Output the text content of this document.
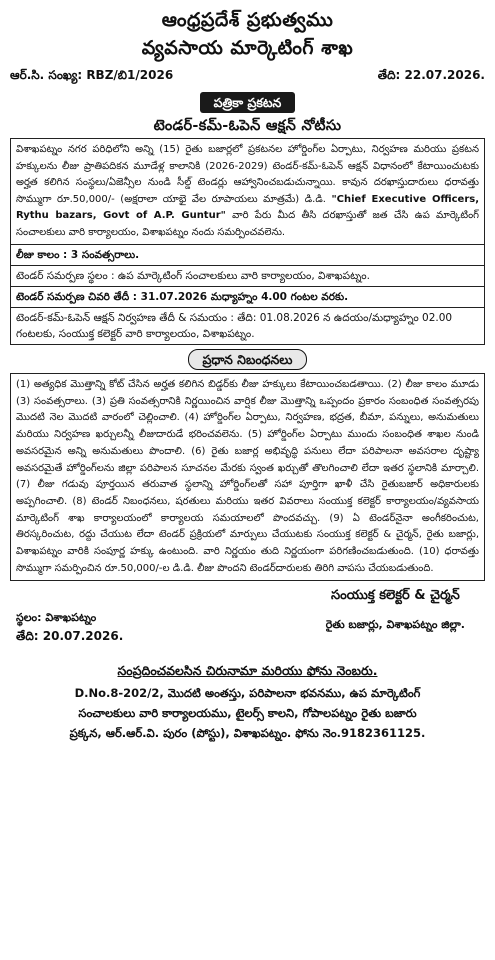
ఆంధ్రప్రదేశ్ ప్రభుత్వము
వ్యవసాయ మార్కెటింగ్ శాఖ
ఆర్.సి. సంఖ్య: RBZ/బి1/2026	తేది: 22.07.2026.
పత్రికా ప్రకటన
టెండర్-కమ్-ఓపెన్ ఆక్షన్ నోటీసు
విశాఖపట్నం నగర పరిధిలోని అన్ని (15) రైతు బజార్లలో ప్రకటనల హోర్డింగ్‌ల ఏర్పాటు, నిర్వహణ మరియు ప్రకటన హక్కులను లీజు ప్రాతిపదికన మూడేళ్ల కాలానికి (2026-2029) టెండర్-కమ్-ఓపెన్ ఆక్షన్ విధానంలో కేటాయించుటకు అర్హత కలిగిన సంస్థలు/ఏజెన్సీల నుండి సీల్డ్ టెండర్లు ఆహ్వానించబడుచున్నాయి. కావున దరఖాస్తుదారులు ధరావత్తు సొమ్ముగా రూ.50,000/- (అక్షరాలా యాభై వేల రూపాయలు మాత్రమే) డి.డి. "Chief Executive Officers, Rythu bazars, Govt of A.P. Guntur" వారి పేరు మీద తీసి దరఖాస్తుతో జత చేసి ఉప మార్కెటింగ్ సంచాలకులు వారి కార్యాలయం, విశాఖపట్నం నందు సమర్పించవలెను.
లీజు కాలం : 3 సంవత్సరాలు.
టెండర్ సమర్పణ స్థలం : ఉప మార్కెటింగ్ సంచాలకులు వారి కార్యాలయం, విశాఖపట్నం.
టెండర్ సమర్పణ చివరి తేదీ : 31.07.2026 మధ్యాహ్నం 4.00 గంటల వరకు.
టెండర్-కమ్-ఓపెన్ ఆక్షన్ నిర్వహణ తేదీ & సమయం : తేది: 01.08.2026 న ఉదయం/మధ్యాహ్నం 02.00 గంటలకు, సంయుక్త కలెక్టర్ వారి కార్యాలయం, విశాఖపట్నం.
ప్రధాన నిబంధనలు
(1) అత్యధిక మొత్తాన్ని కోట్ చేసిన అర్హత కలిగిన బిడ్డర్‌కు లీజు హక్కులు కేటాయించబడతాయి. (2) లీజు కాలం మూడు (3) సంవత్సరాలు. (3) ప్రతి సంవత్సరానికి నిర్ణయించిన వార్షిక లీజు మొత్తాన్ని ఒప్పందం ప్రకారం సంబంధిత సంవత్సరపు మొదటి నెల మొదటి వారంలో చెల్లించాలి. (4) హోర్డింగ్‌ల ఏర్పాటు, నిర్వహణ, భద్రత, బీమా, పన్నులు, అనుమతులు మరియు నిర్వహణ ఖర్చులన్నీ లీజుదారుడే భరించవలెను. (5) హోర్డింగ్‌ల ఏర్పాటు ముందు సంబంధిత శాఖల నుండి అవసరమైన అన్ని అనుమతులు పొందాలి. (6) రైతు బజార్ల అభివృద్ధి పనులు లేదా పరిపాలనా అవసరాల దృష్ట్యా అవసరమైతే హోర్డింగ్‌లను జిల్లా పరిపాలన సూచనల మేరకు స్వంత ఖర్చుతో తొలగించాలి లేదా ఇతర స్థలానికి మార్చాలి. (7) లీజు గడువు పూర్తయిన తరువాత స్థలాన్ని హోర్డింగ్‌లతో సహా పూర్తిగా ఖాళీ చేసి రైతుబజార్ అధికారులకు అప్పగించాలి. (8) టెండర్ నిబంధనలు, షరతులు మరియు ఇతర వివరాలు సంయుక్త కలెక్టర్ కార్యాలయం/వ్యవసాయ మార్కెటింగ్ శాఖ కార్యాలయంలో కార్యాలయ సమయాలలో పొందవచ్చు. (9) ఏ టెండర్‌నైనా అంగీకరించుట, తిరస్కరించుట, రద్దు చేయుట లేదా టెండర్ ప్రక్రియలో మార్పులు చేయుటకు సంయుక్త కలెక్టర్ & చైర్మన్, రైతు బజార్లు, విశాఖపట్నం వారికి సంపూర్ణ హక్కు ఉంటుంది. వారి నిర్ణయం తుది నిర్ణయంగా పరిగణించబడుతుంది. (10) ధరావత్తు సొమ్ముగా సమర్పించిన రూ.50,000/-ల డి.డి. లీజు పొందని టెండర్‌దారులకు తిరిగి వాపసు చేయబడుతుంది.
స్థలం: విశాఖపట్నం
తేది: 20.07.2026.
సంయుక్త కలెక్టర్ & చైర్మన్
రైతు బజార్లు, విశాఖపట్నం జిల్లా.
సంప్రదించవలసిన చిరునామా మరియు ఫోను నెంబరు.
D.No.8-202/2, మొదటి అంతస్తు, పరిపాలనా భవనము, ఉప మార్కెటింగ్
సంచాలకులు వారి కార్యాలయము, టైలర్స్ కాలని, గోపాలపట్నం రైతు బజారు
ప్రక్కన, ఆర్.ఆర్.వి. పురం (పోస్టు), విశాఖపట్నం. ఫోను నెం.9182361125.
